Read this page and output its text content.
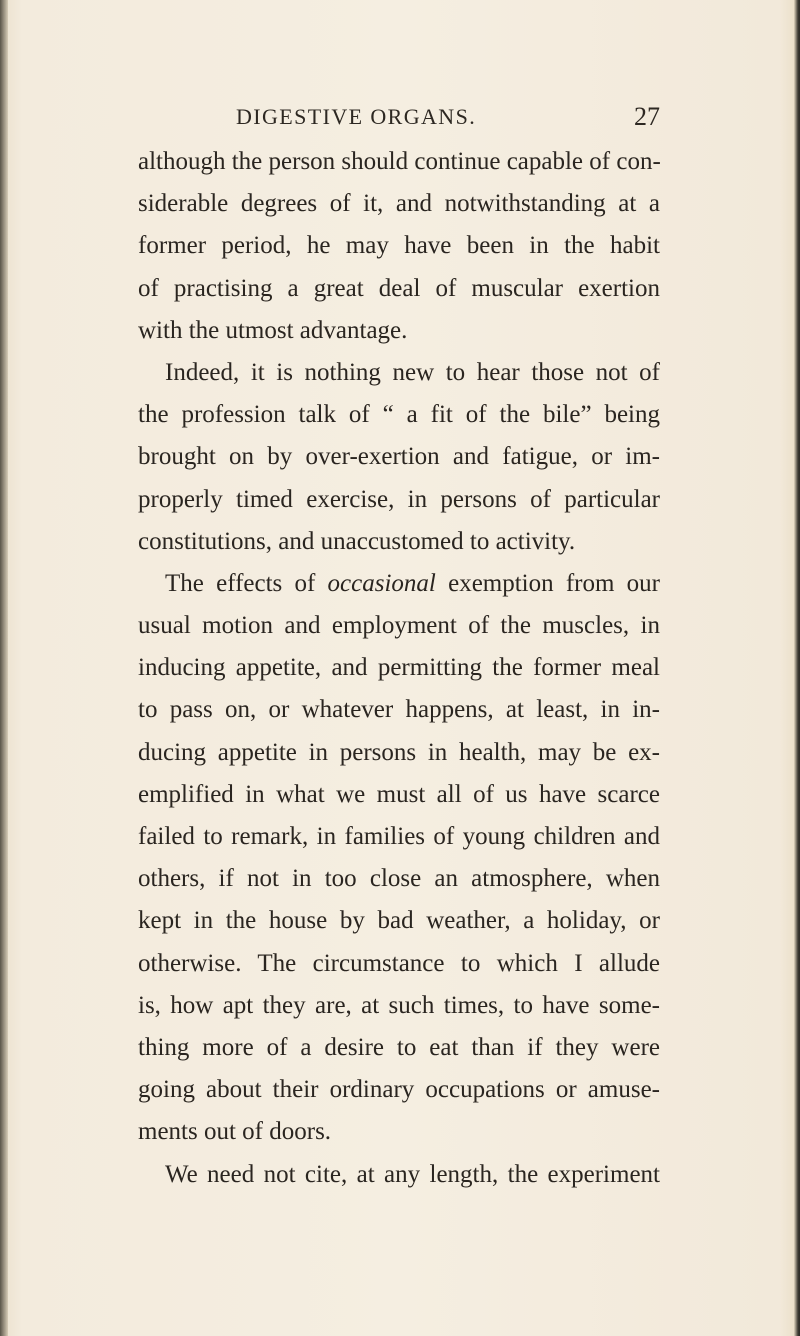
DIGESTIVE ORGANS.	27
although the person should continue capable of con-
siderable degrees of it, and notwithstanding at a
former period, he may have been in the habit
of practising a great deal of muscular exertion
with the utmost advantage.
Indeed, it is nothing new to hear those not of
the profession talk of “ a fit of the bile” being
brought on by over-exertion and fatigue, or im-
properly timed exercise, in persons of particular
constitutions, and unaccustomed to activity.
The effects of occasional exemption from our
usual motion and employment of the muscles, in
inducing appetite, and permitting the former meal
to pass on, or whatever happens, at least, in in-
ducing appetite in persons in health, may be ex-
emplified in what we must all of us have scarce
failed to remark, in families of young children and
others, if not in too close an atmosphere, when
kept in the house by bad weather, a holiday, or
otherwise. The circumstance to which I allude
is, how apt they are, at such times, to have some-
thing more of a desire to eat than if they were
going about their ordinary occupations or amuse-
ments out of doors.
We need not cite, at any length, the experiment
